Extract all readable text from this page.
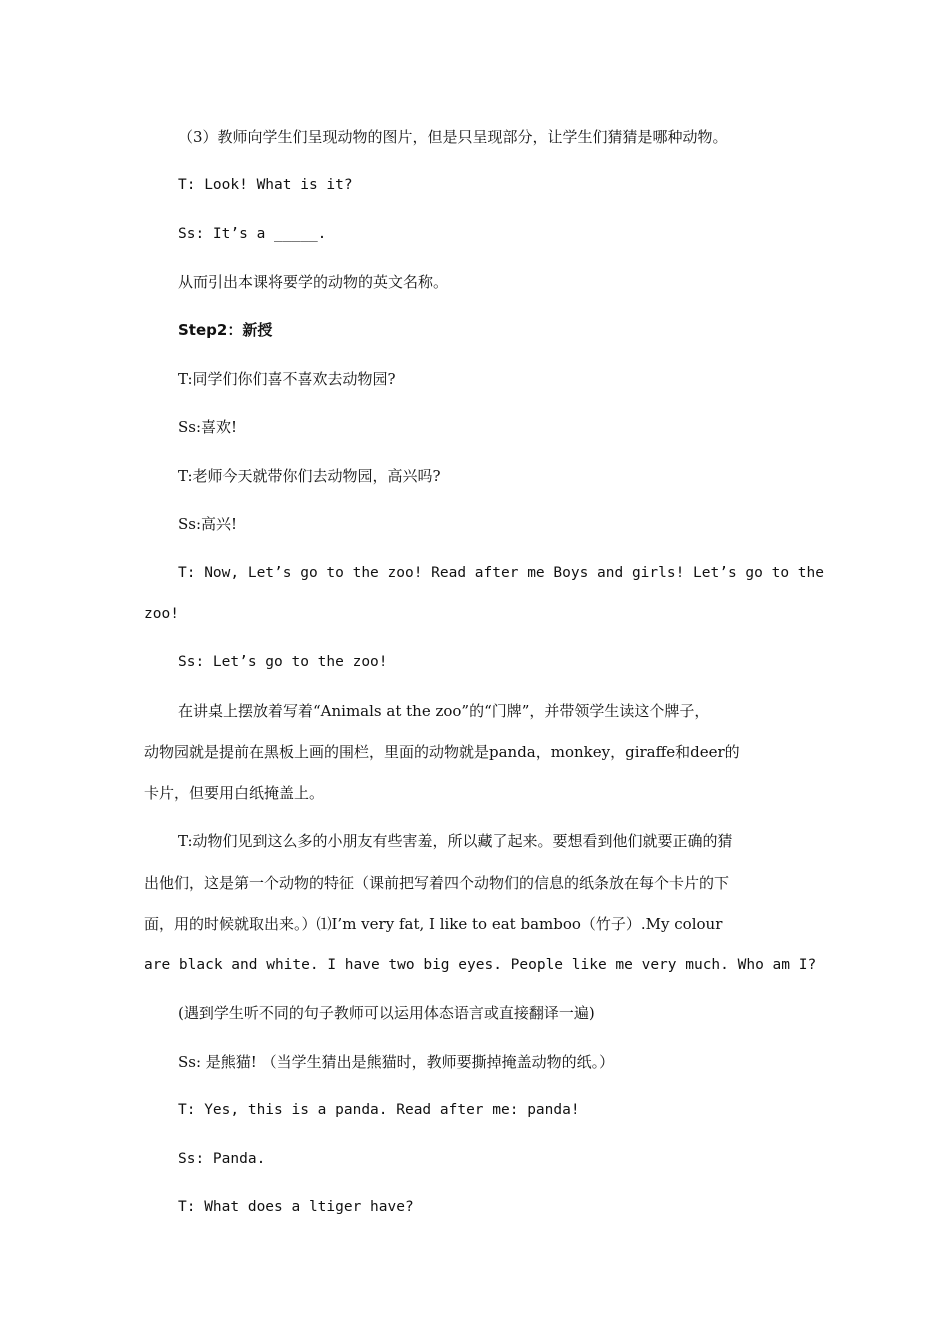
（3）教师向学生们呈现动物的图片，但是只呈现部分，让学生们猜猜是哪种动物。
T: Look! What is it?
Ss: It’s a _____.
从而引出本课将要学的动物的英文名称。
Step2：新授
T:同学们你们喜不喜欢去动物园?
Ss:喜欢!
T:老师今天就带你们去动物园，高兴吗?
Ss:高兴!
T: Now, Let’s go to the zoo! Read after me Boys and girls! Let’s go to the
zoo!
Ss: Let’s go to the zoo!
在讲桌上摆放着写着“Animals at the zoo”的“门牌”，并带领学生读这个牌子，
动物园就是提前在黑板上画的围栏，里面的动物就是panda，monkey，giraffe和deer的
卡片，但要用白纸掩盖上。
T:动物们见到这么多的小朋友有些害羞，所以藏了起来。要想看到他们就要正确的猜
出他们，这是第一个动物的特征（课前把写着四个动物们的信息的纸条放在每个卡片的下
面，用的时候就取出来。）⑴I’m very fat, I like to eat bamboo（竹子）.My colour
are black and white. I have two big eyes. People like me very much. Who am I?
(遇到学生听不同的句子教师可以运用体态语言或直接翻译一遍)
Ss: 是熊猫! （当学生猜出是熊猫时，教师要撕掉掩盖动物的纸。）
T: Yes, this is a panda. Read after me: panda!
Ss: Panda.
T: What does a ltiger have?
